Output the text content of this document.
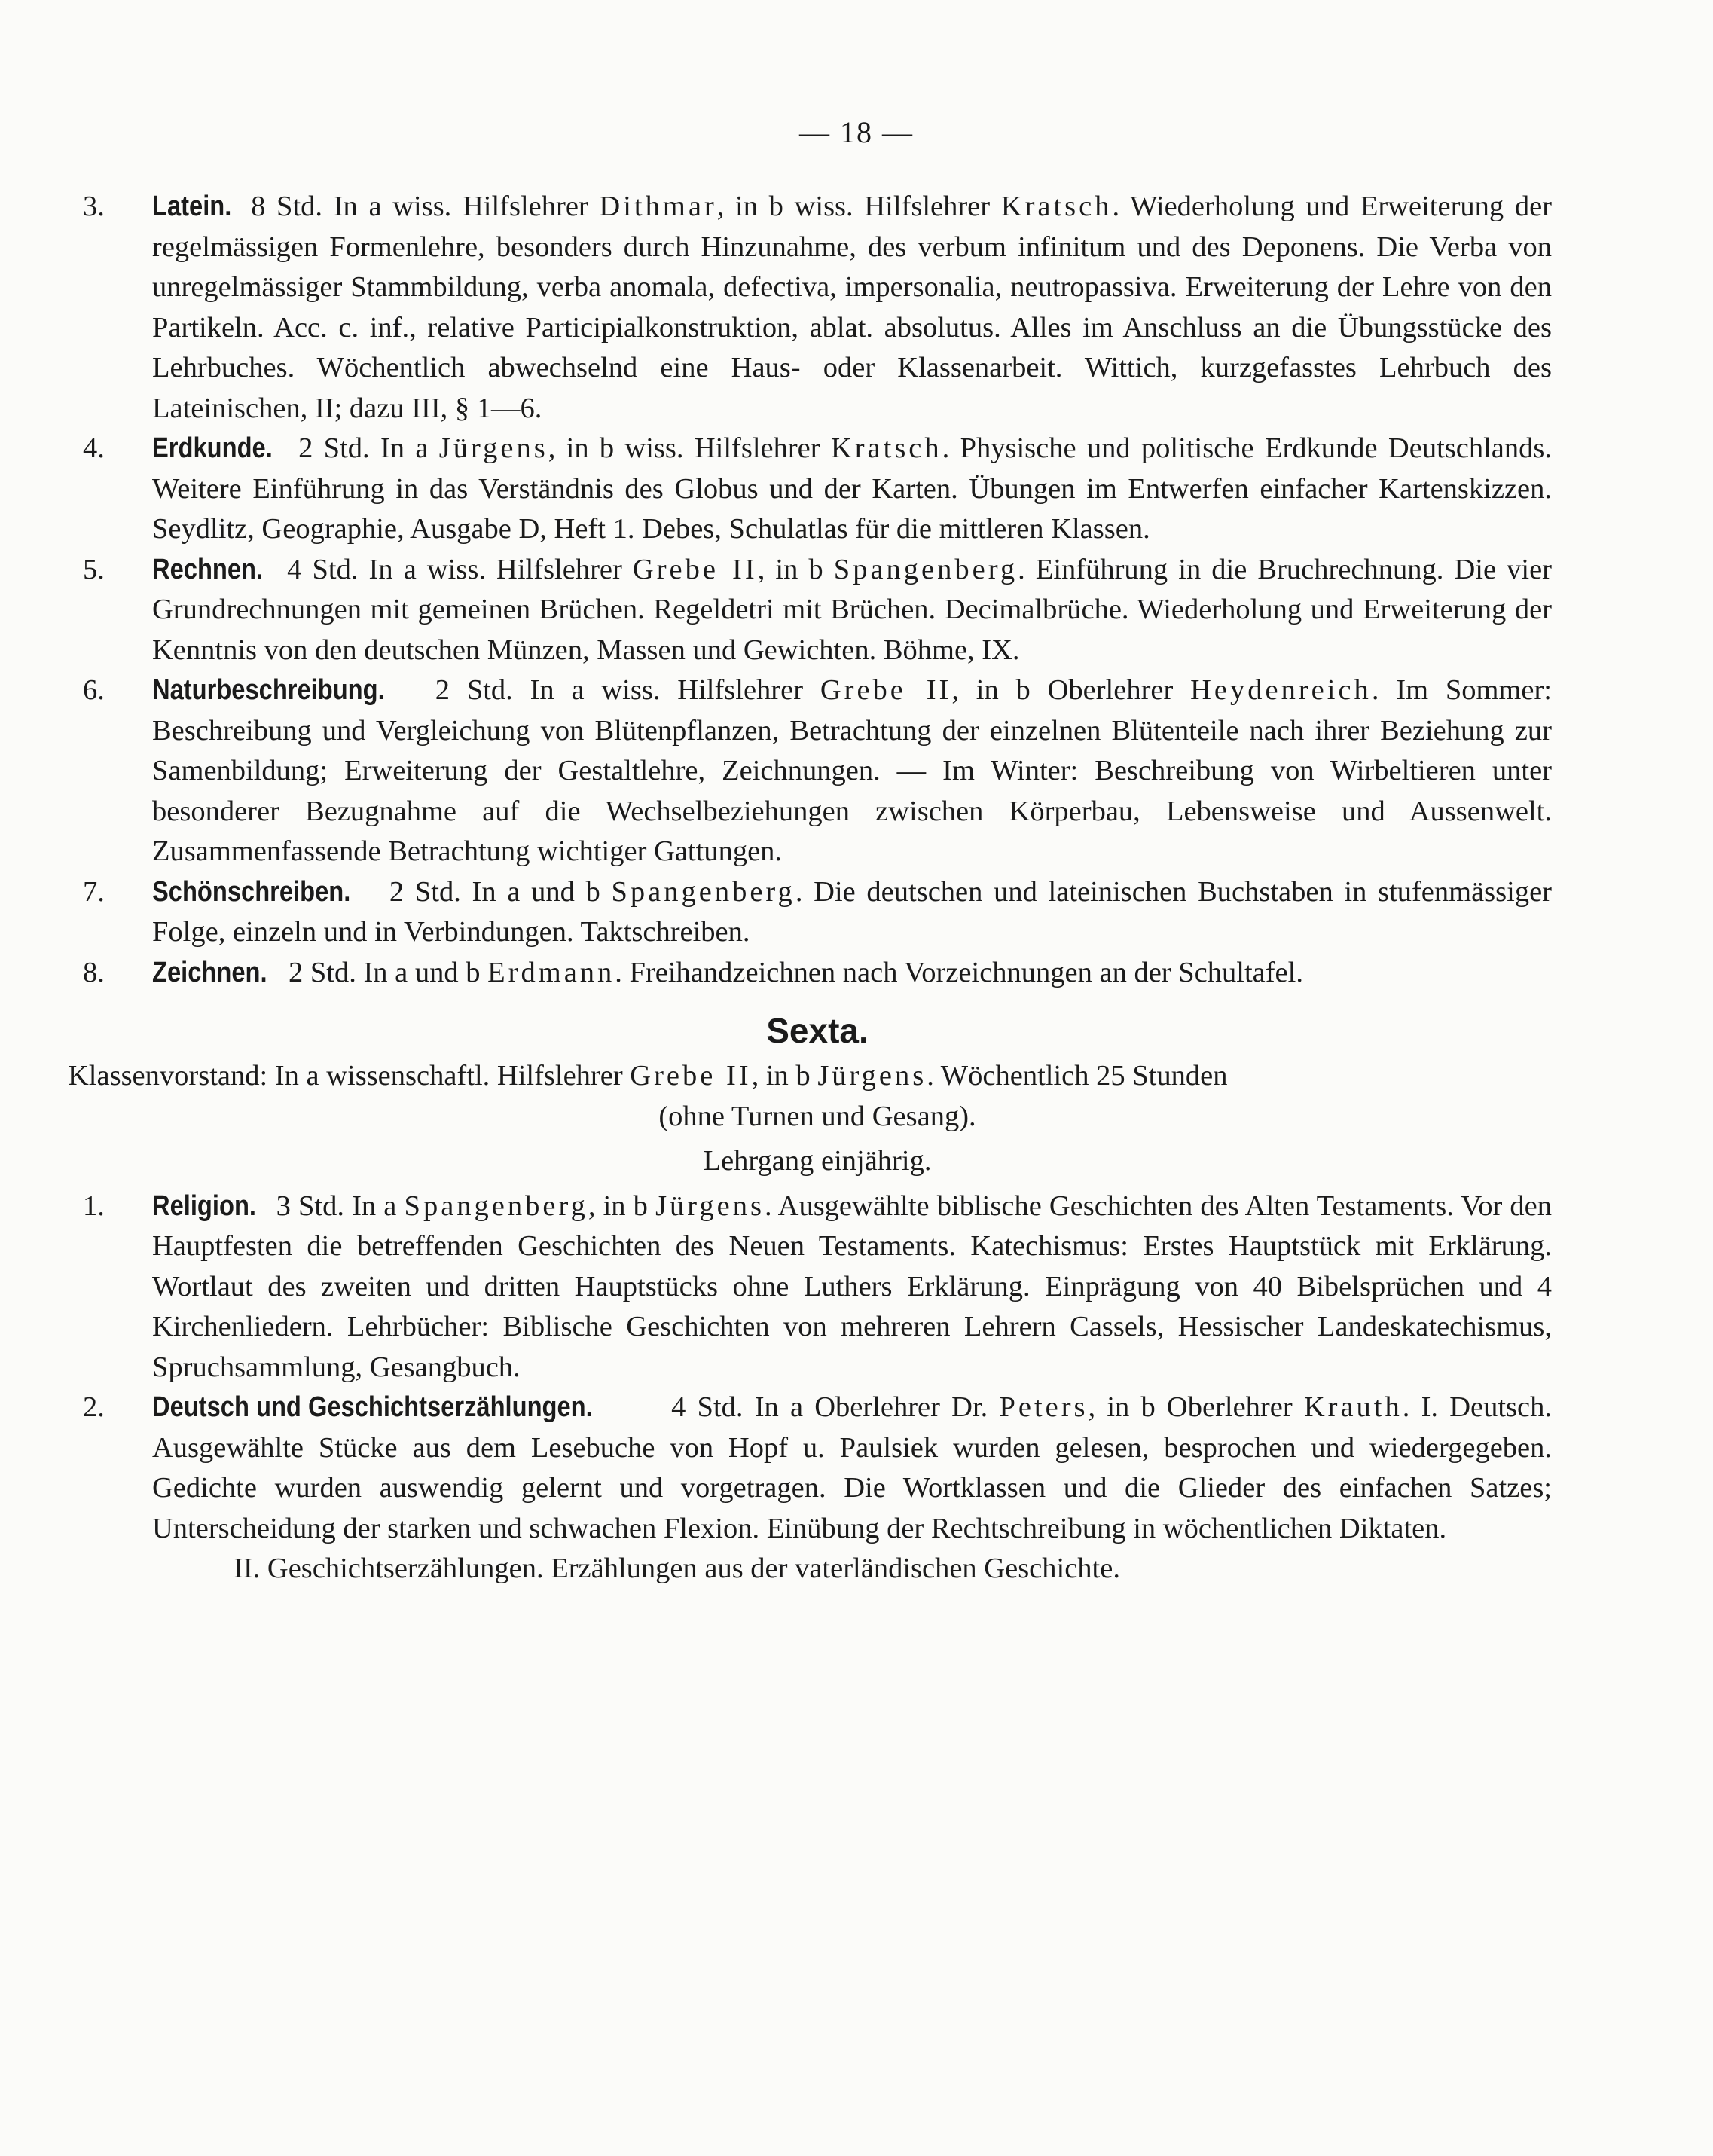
— 18 —
3.	Latein. 8 Std. In a wiss. Hilfslehrer Dithmar, in b wiss. Hilfslehrer Kratsch. Wiederholung und Erweiterung der regelmässigen Formenlehre, besonders durch Hinzunahme, des verbum infinitum und des Deponens. Die Verba von unregelmässiger Stammbildung, verba anomala, defectiva, impersonalia, neutropassiva. Erweiterung der Lehre von den Partikeln. Acc. c. inf., relative Participialkonstruktion, ablat. absolutus. Alles im Anschluss an die Übungsstücke des Lehrbuches. Wöchentlich abwechselnd eine Haus- oder Klassenarbeit. Wittich, kurzgefasstes Lehrbuch des Lateinischen, II; dazu III, § 1—6.
4.	Erdkunde. 2 Std. In a Jürgens, in b wiss. Hilfslehrer Kratsch. Physische und politische Erdkunde Deutschlands. Weitere Einführung in das Verständnis des Globus und der Karten. Übungen im Entwerfen einfacher Kartenskizzen. Seydlitz, Geographie, Ausgabe D, Heft 1. Debes, Schulatlas für die mittleren Klassen.
5.	Rechnen. 4 Std. In a wiss. Hilfslehrer Grebe II, in b Spangenberg. Einführung in die Bruchrechnung. Die vier Grundrechnungen mit gemeinen Brüchen. Regeldetri mit Brüchen. Decimalbrüche. Wiederholung und Erweiterung der Kenntnis von den deutschen Münzen, Massen und Gewichten. Böhme, IX.
6.	Naturbeschreibung. 2 Std. In a wiss. Hilfslehrer Grebe II, in b Oberlehrer Heydenreich. Im Sommer: Beschreibung und Vergleichung von Blütenpflanzen, Betrachtung der einzelnen Blütenteile nach ihrer Beziehung zur Samenbildung; Erweiterung der Gestaltlehre, Zeichnungen. — Im Winter: Beschreibung von Wirbeltieren unter besonderer Bezugnahme auf die Wechselbeziehungen zwischen Körperbau, Lebensweise und Aussenwelt. Zusammenfassende Betrachtung wichtiger Gattungen.
7.	Schönschreiben. 2 Std. In a und b Spangenberg. Die deutschen und lateinischen Buchstaben in stufenmässiger Folge, einzeln und in Verbindungen. Taktschreiben.
8.	Zeichnen. 2 Std. In a und b Erdmann. Freihandzeichnen nach Vorzeichnungen an der Schultafel.
Sexta.
Klassenvorstand: In a wissenschaftl. Hilfslehrer Grebe II, in b Jürgens. Wöchentlich 25 Stunden
(ohne Turnen und Gesang).
Lehrgang einjährig.
1.	Religion. 3 Std. In a Spangenberg, in b Jürgens. Ausgewählte biblische Geschichten des Alten Testaments. Vor den Hauptfesten die betreffenden Geschichten des Neuen Testaments. Katechismus: Erstes Hauptstück mit Erklärung. Wortlaut des zweiten und dritten Hauptstücks ohne Luthers Erklärung. Einprägung von 40 Bibelsprüchen und 4 Kirchenliedern. Lehrbücher: Biblische Geschichten von mehreren Lehrern Cassels, Hessischer Landeskatechismus, Spruchsammlung, Gesangbuch.
2.	Deutsch und Geschichtserzählungen. 4 Std. In a Oberlehrer Dr. Peters, in b Oberlehrer Krauth. I. Deutsch. Ausgewählte Stücke aus dem Lesebuche von Hopf u. Paulsiek wurden gelesen, besprochen und wiedergegeben. Gedichte wurden auswendig gelernt und vorgetragen. Die Wortklassen und die Glieder des einfachen Satzes; Unterscheidung der starken und schwachen Flexion. Einübung der Rechtschreibung in wöchentlichen Diktaten.
II. Geschichtserzählungen. Erzählungen aus der vaterländischen Geschichte.
